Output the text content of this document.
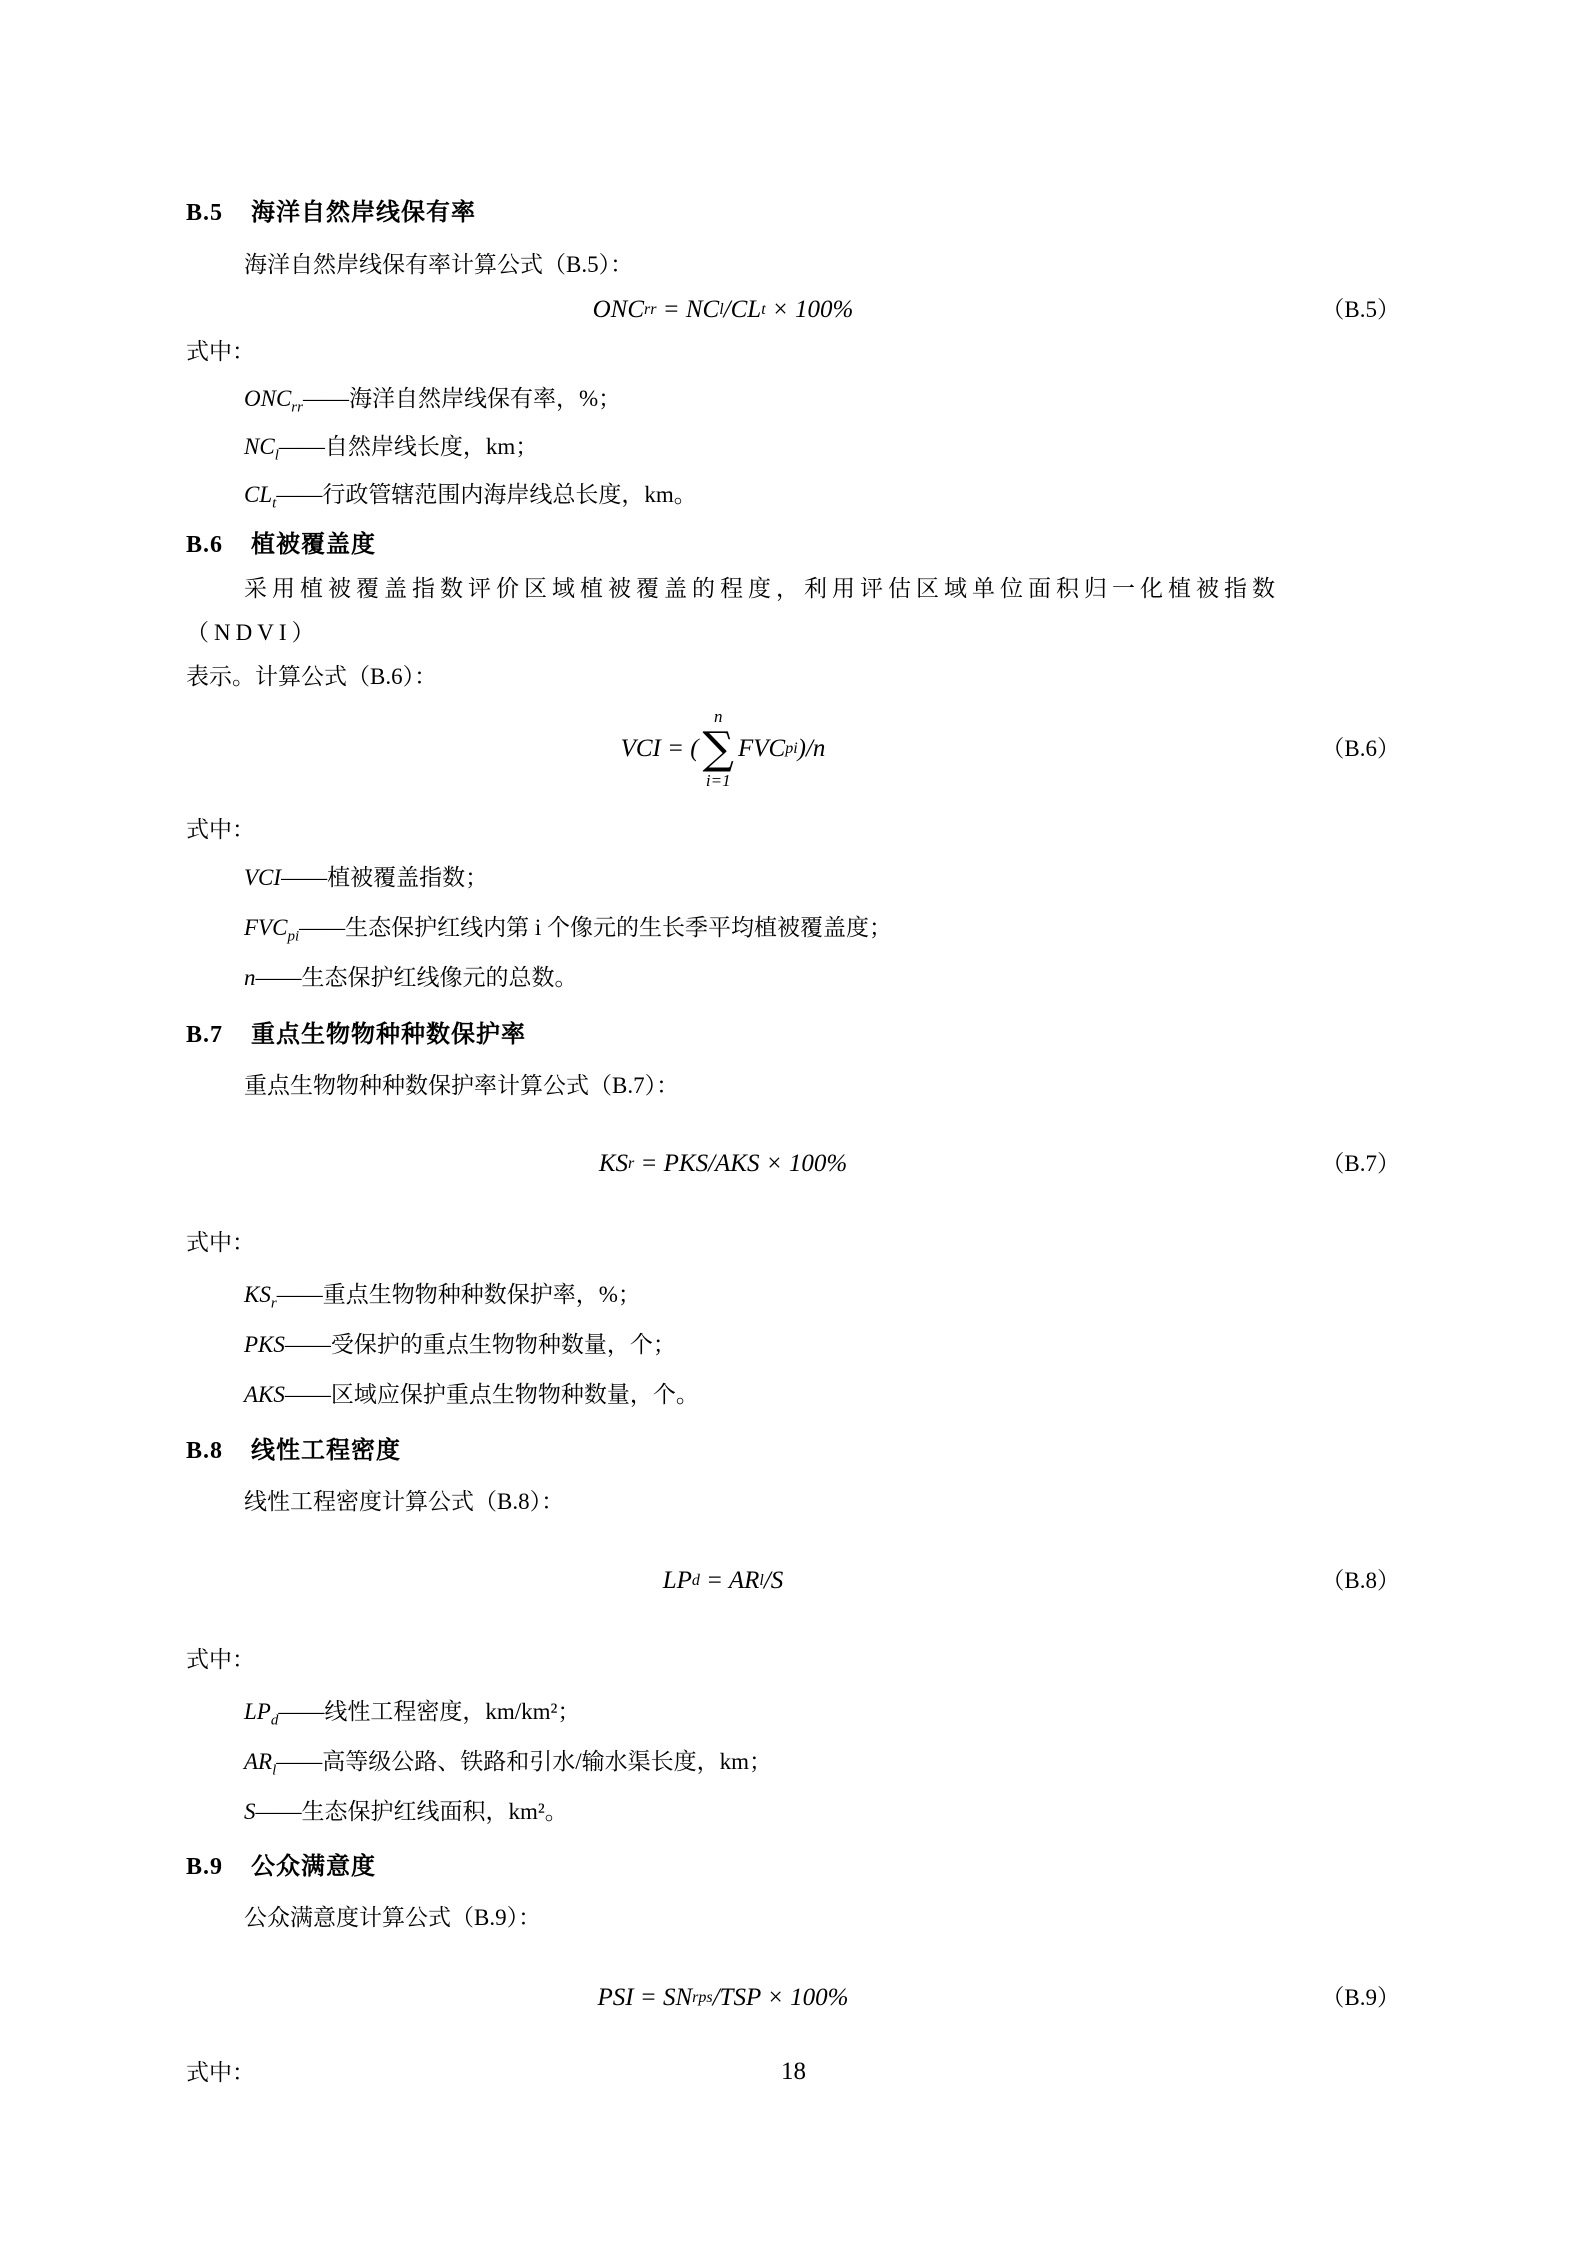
B.5 海洋自然岸线保有率

海洋自然岸线保有率计算公式（B.5）：

ONC rr = NC l /CL t × 100%	（B.5）

式中：

$ONC_{rr}——$海洋自然岸线保有率，%；

$NC_l——$自然岸线长度，km；

$CL_t——$行政管辖范围内海岸线总长度，km。

B.6 植被覆盖度

采用植被覆盖指数评价区域植被覆盖的程度，利用评估区域单位面积归一化植被指数（NDVI）
表示。计算公式（B.6）：

VCI = (
n
∑
i=1
FVC pi )/n	（B.6）

式中：

VCI——植被覆盖指数；

$FVC_{pi}——$生态保护红线内第 i 个像元的生长季平均植被覆盖度；

n——生态保护红线像元的总数。

B.7 重点生物物种种数保护率

重点生物物种种数保护率计算公式（B.7）：

KS r = PKS/AKS × 100%	（B.7）

式中：

$KS_r——$重点生物物种种数保护率，%；

PKS——受保护的重点生物物种数量，个；

AKS——区域应保护重点生物物种数量，个。

B.8 线性工程密度

线性工程密度计算公式（B.8）：

LP d = AR l /S	（B.8）

式中：

$LP_d——$线性工程密度，km/km²；

$AR_l——$高等级公路、铁路和引水/输水渠长度，km；

S——生态保护红线面积，km²。

B.9 公众满意度

公众满意度计算公式（B.9）：

PSI = SN rps /TSP × 100%	（B.9）

式中：	18
